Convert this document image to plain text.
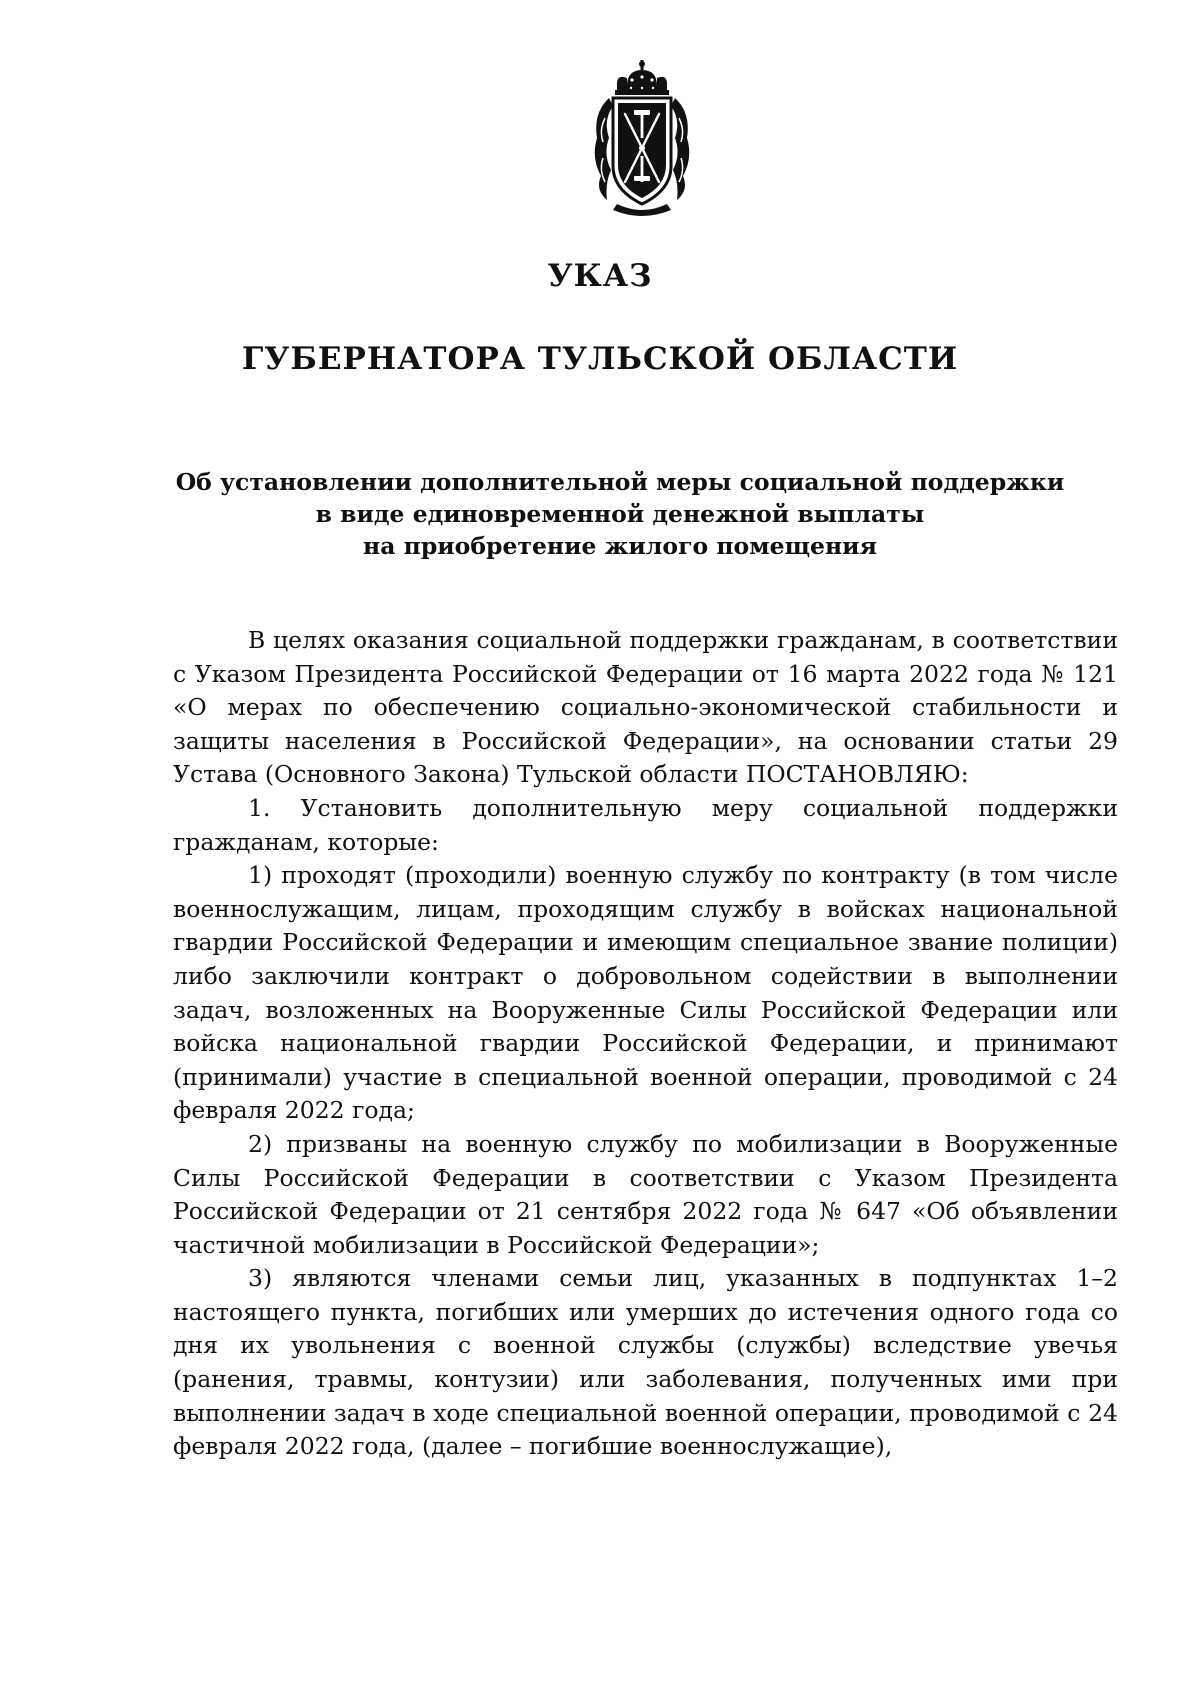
УКАЗ
ГУБЕРНАТОРА ТУЛЬСКОЙ ОБЛАСТИ
Об установлении дополнительной меры социальной поддержки
в виде единовременной денежной выплаты
на приобретение жилого помещения

В целях оказания социальной поддержки гражданам, в соответствии с Указом Президента Российской Федерации от 16 марта 2022 года № 121 «О мерах по обеспечению социально-экономической стабильности и защиты населения в Российской Федерации», на основании статьи 29 Устава (Основного Закона) Тульской области ПОСТАНОВЛЯЮ:

1. Установить дополнительную меру социальной поддержки гражданам, которые:

1) проходят (проходили) военную службу по контракту (в том числе военнослужащим, лицам, проходящим службу в войсках национальной гвардии Российской Федерации и имеющим специальное звание полиции) либо заключили контракт о добровольном содействии в выполнении задач, возложенных на Вооруженные Силы Российской Федерации или войска национальной гвардии Российской Федерации, и принимают (принимали) участие в специальной военной операции, проводимой с 24 февраля 2022 года;

2) призваны на военную службу по мобилизации в Вооруженные Силы Российской Федерации в соответствии с Указом Президента Российской Федерации от 21 сентября 2022 года № 647 «Об объявлении частичной мобилизации в Российской Федерации»;

3) являются членами семьи лиц, указанных в подпунктах 1–2 настоящего пункта, погибших или умерших до истечения одного года со дня их увольнения с военной службы (службы) вследствие увечья (ранения, травмы, контузии) или заболевания, полученных ими при выполнении задач в ходе специальной военной операции, проводимой с 24 февраля 2022 года, (далее – погибшие военнослужащие),
